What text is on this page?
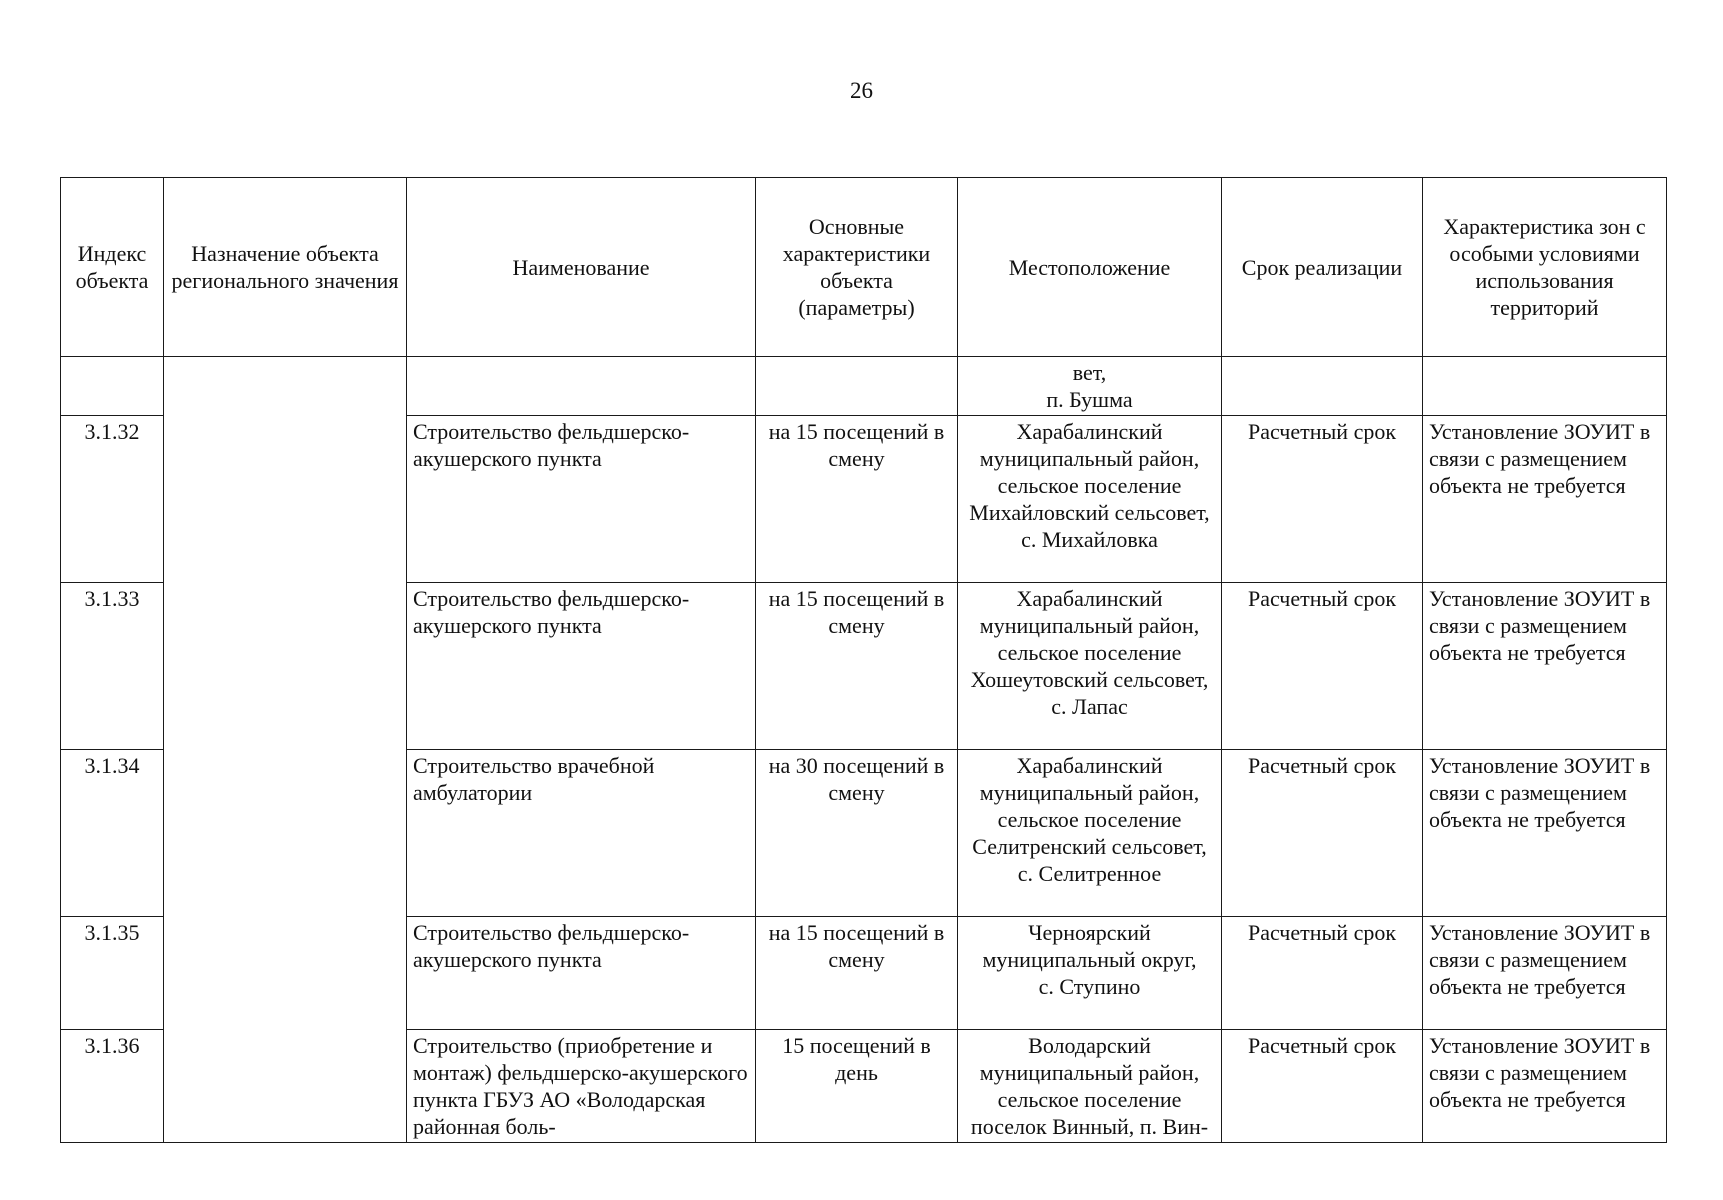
26
Индекс объекта	Назначение объекта регионального значения	Наименование	Основные характеристики объекта (параметры)	Местоположение	Срок реализации	Характеристика зон с особыми условиями использования территорий

				вет,
п. Бушма		

3.1.32		Строительство фельдшерско-акушерского пункта	на 15 посещений в смену	Харабалинский муниципальный район,
сельское поселение
Михайловский сельсовет,
с. Михайловка	Расчетный срок	Установление ЗОУИТ в связи с размещением объекта не требуется
3.1.33		Строительство фельдшерско-акушерского пункта	на 15 посещений в смену	Харабалинский муниципальный район,
сельское поселение
Хошеутовский сельсовет,
с. Лапас	Расчетный срок	Установление ЗОУИТ в связи с размещением объекта не требуется
3.1.34		Строительство врачебной амбулатории	на 30 посещений в смену	Харабалинский муниципальный район,
сельское поселение
Селитренский сельсовет,
с. Селитренное	Расчетный срок	Установление ЗОУИТ в связи с размещением объекта не требуется
3.1.35		Строительство фельдшерско-акушерского пункта	на 15 посещений в смену	Черноярский муниципальный округ,
с. Ступино	Расчетный срок	Установление ЗОУИТ в связи с размещением объекта не требуется
3.1.36		Строительство (приобретение и монтаж) фельдшерско-акушерского пункта ГБУЗ АО «Володарская районная боль-	15 посещений в день	Володарский муниципальный район, сельское поселение поселок Винный, п. Вин-	Расчетный срок	Установление ЗОУИТ в связи с размещением объекта не требуется
